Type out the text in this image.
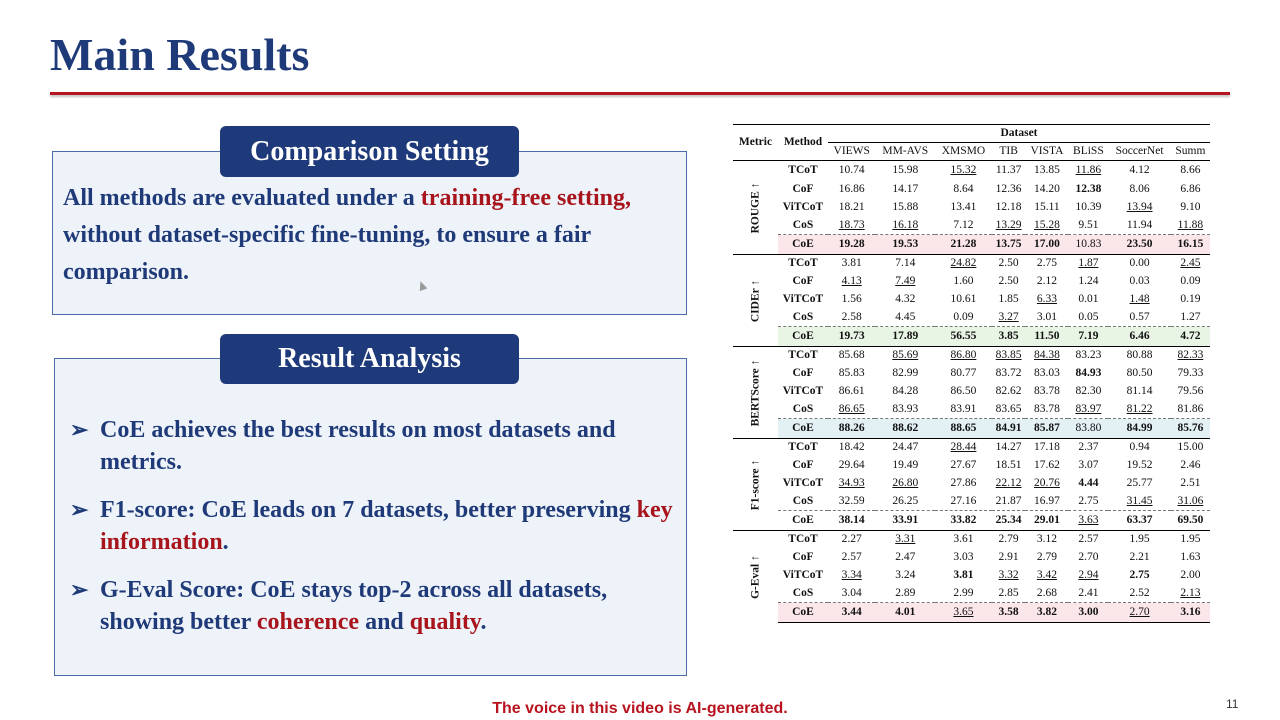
Main Results
Comparison Setting
All methods are evaluated under a training-free setting, without dataset-specific fine-tuning, to ensure a fair comparison.
Result Analysis
➢ CoE achieves the best results on most datasets and metrics.
➢ F1-score: CoE leads on 7 datasets, better preserving key information.
➢ G-Eval Score: CoE stays top-2 across all datasets, showing better coherence and quality.
Metric	Method	Dataset							
		VIEWS	MM-AVS	XMSMO	TIB	VISTA	BLiSS	SoccerNet	Summ

ROUGE ↑	TCoT	10.74	15.98	15.32	11.37	13.85	11.86	4.12	8.66
	CoF	16.86	14.17	8.64	12.36	14.20	12.38	8.06	6.86
	ViTCoT	18.21	15.88	13.41	12.18	15.11	10.39	13.94	9.10
	CoS	18.73	16.18	7.12	13.29	15.28	9.51	11.94	11.88
	CoE	19.28	19.53	21.28	13.75	17.00	10.83	23.50	16.15

CIDEr ↑	TCoT	3.81	7.14	24.82	2.50	2.75	1.87	0.00	2.45
	CoF	4.13	7.49	1.60	2.50	2.12	1.24	0.03	0.09
	ViTCoT	1.56	4.32	10.61	1.85	6.33	0.01	1.48	0.19
	CoS	2.58	4.45	0.09	3.27	3.01	0.05	0.57	1.27
	CoE	19.73	17.89	56.55	3.85	11.50	7.19	6.46	4.72

BERTScore ↑	TCoT	85.68	85.69	86.80	83.85	84.38	83.23	80.88	82.33
	CoF	85.83	82.99	80.77	83.72	83.03	84.93	80.50	79.33
	ViTCoT	86.61	84.28	86.50	82.62	83.78	82.30	81.14	79.56
	CoS	86.65	83.93	83.91	83.65	83.78	83.97	81.22	81.86
	CoE	88.26	88.62	88.65	84.91	85.87	83.80	84.99	85.76

F1-score ↑	TCoT	18.42	24.47	28.44	14.27	17.18	2.37	0.94	15.00
	CoF	29.64	19.49	27.67	18.51	17.62	3.07	19.52	2.46
	ViTCoT	34.93	26.80	27.86	22.12	20.76	4.44	25.77	2.51
	CoS	32.59	26.25	27.16	21.87	16.97	2.75	31.45	31.06
	CoE	38.14	33.91	33.82	25.34	29.01	3.63	63.37	69.50

G-Eval ↑	TCoT	2.27	3.31	3.61	2.79	3.12	2.57	1.95	1.95
	CoF	2.57	2.47	3.03	2.91	2.79	2.70	2.21	1.63
	ViTCoT	3.34	3.24	3.81	3.32	3.42	2.94	2.75	2.00
	CoS	3.04	2.89	2.99	2.85	2.68	2.41	2.52	2.13
	CoE	3.44	4.01	3.65	3.58	3.82	3.00	2.70	3.16
The voice in this video is AI-generated.	11
